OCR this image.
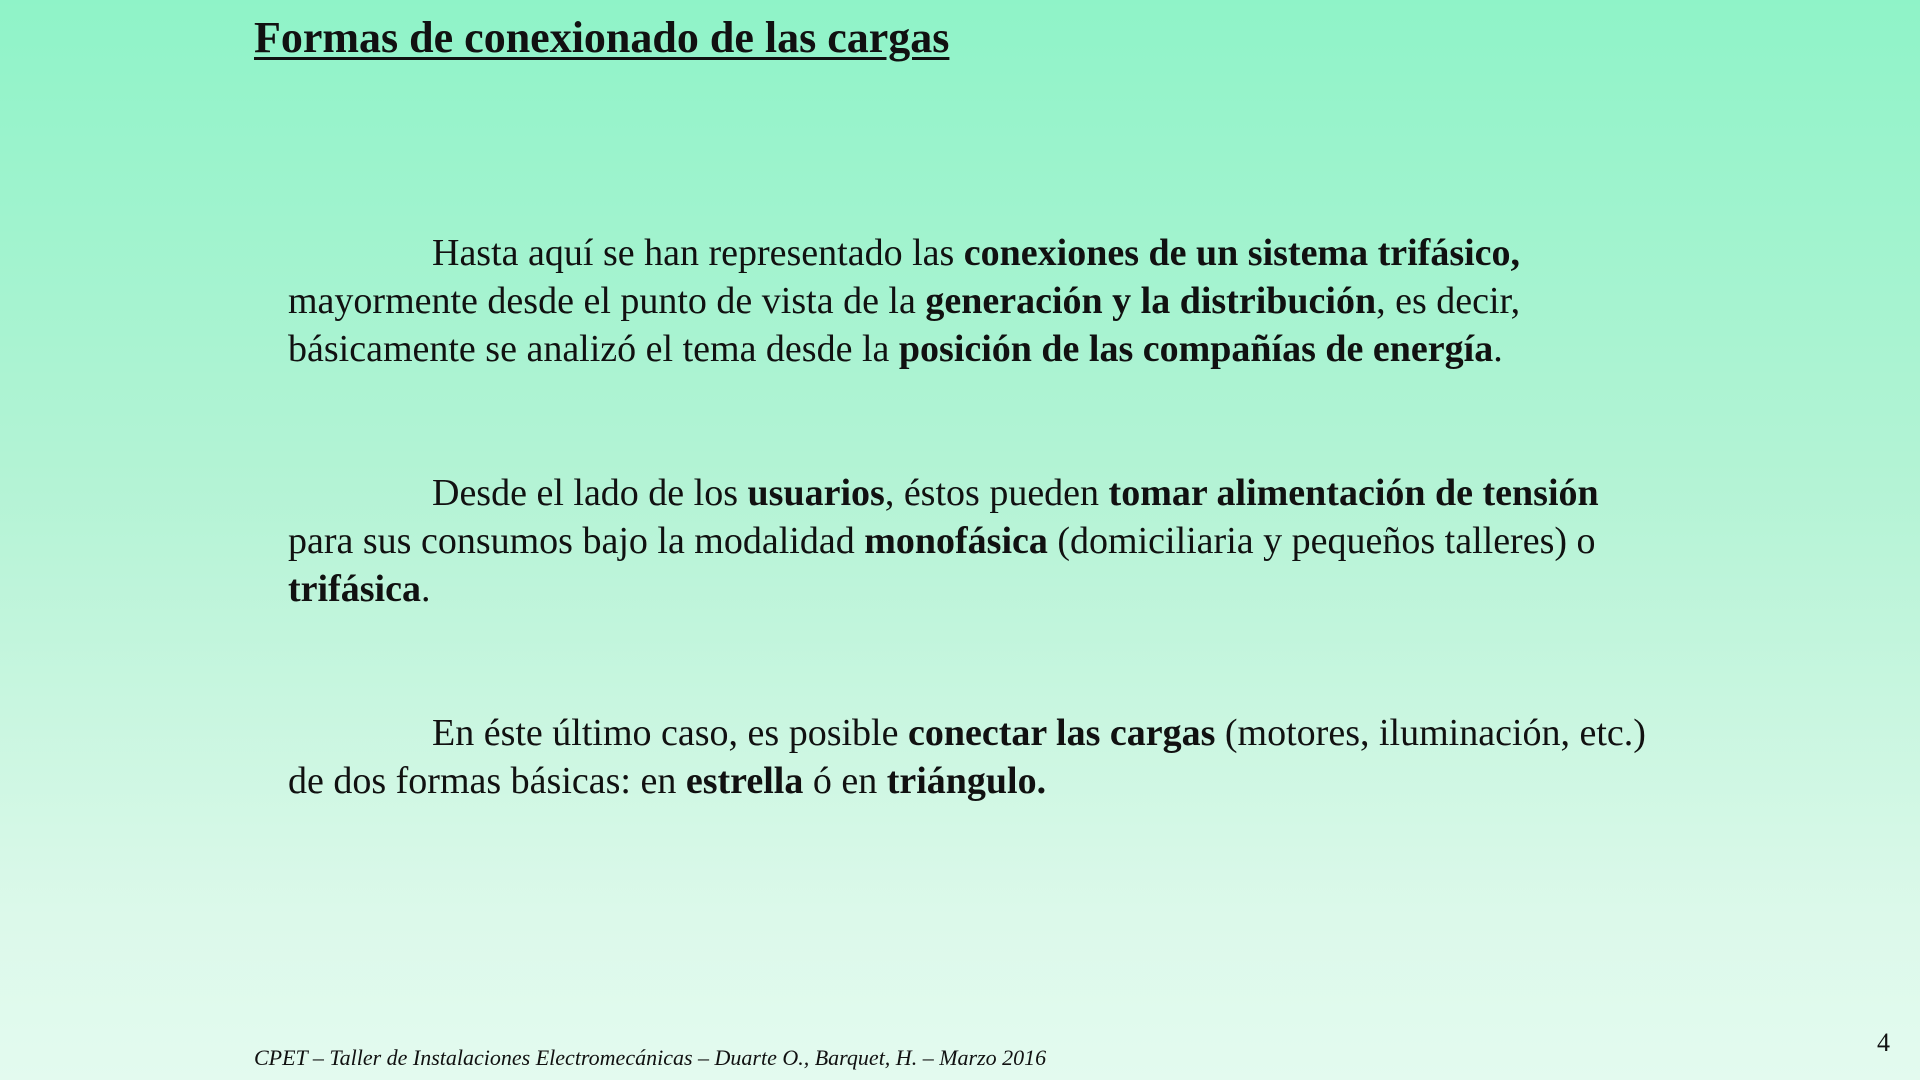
Formas de conexionado de las cargas

Hasta aquí se han representado las conexiones de un sistema trifásico, mayormente desde el punto de vista de la generación y la distribución, es decir, básicamente se analizó el tema desde la posición de las compañías de energía.

Desde el lado de los usuarios, éstos pueden tomar alimentación de tensión para sus consumos bajo la modalidad monofásica (domiciliaria y pequeños talleres) o trifásica.

En éste último caso, es posible conectar las cargas (motores, iluminación, etc.) de dos formas básicas: en estrella ó en triángulo.

CPET – Taller de Instalaciones Electromecánicas – Duarte O., Barquet, H. – Marzo 2016
4
